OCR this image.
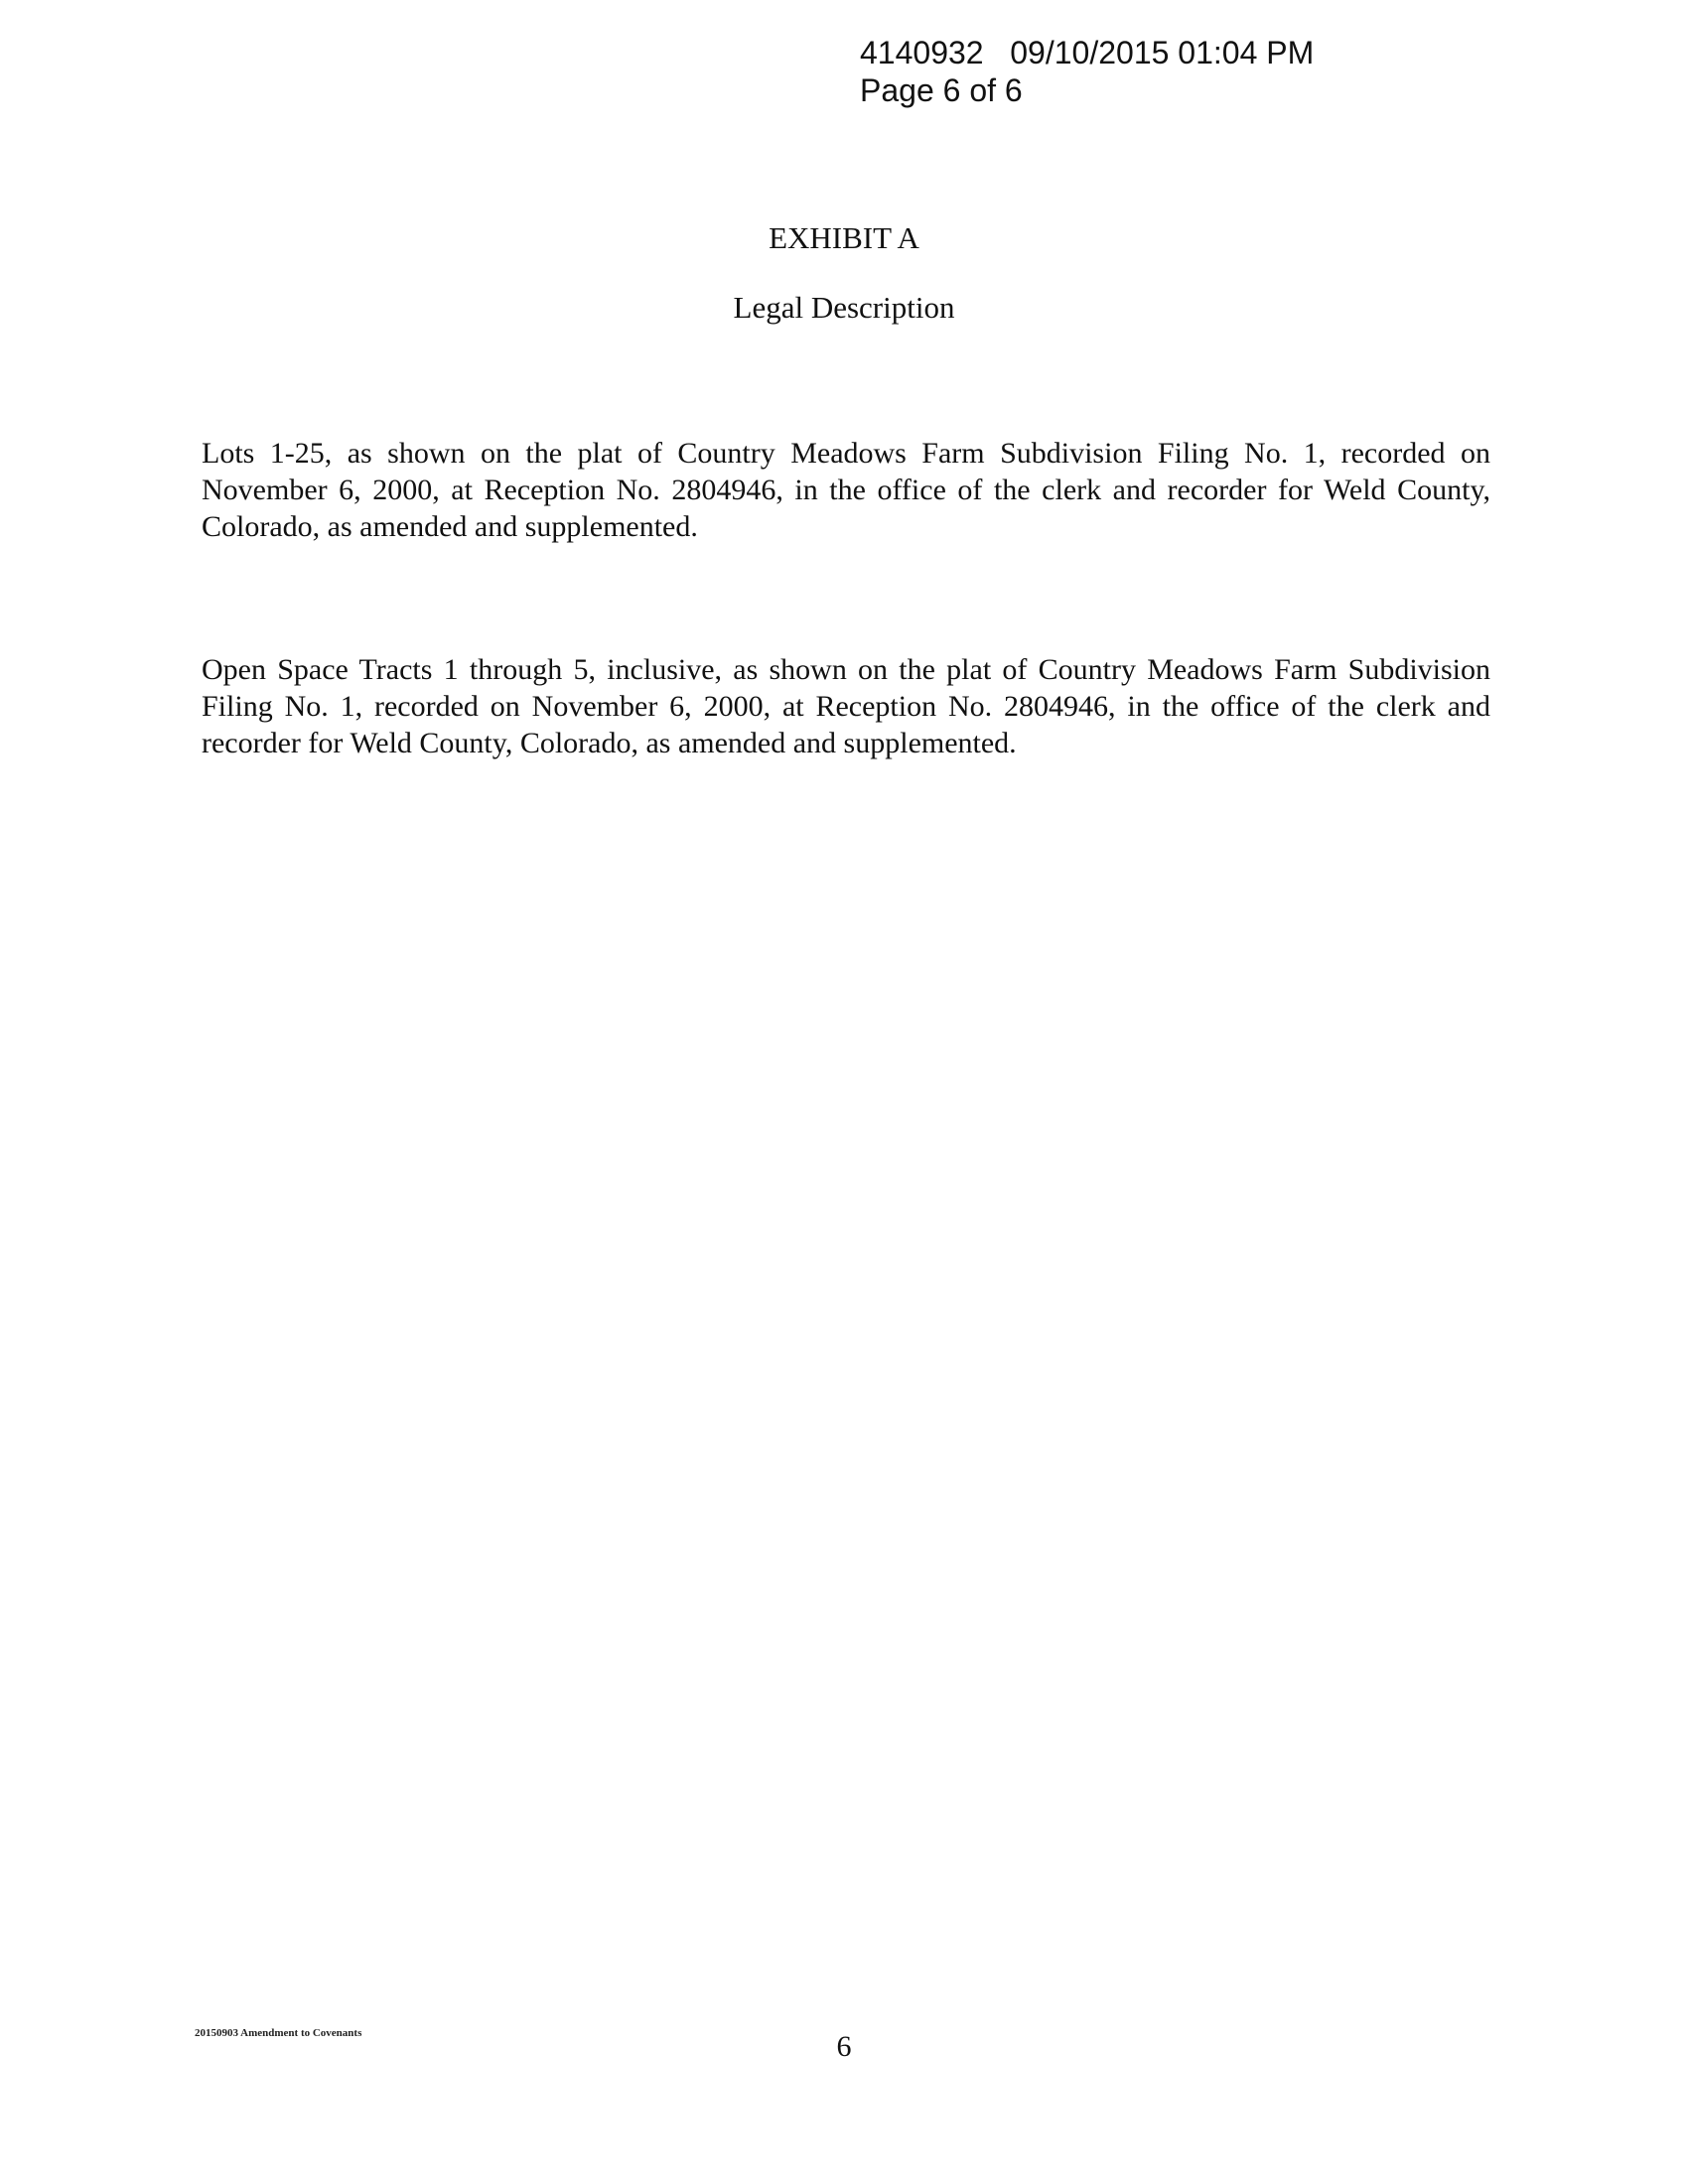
4140932   09/10/2015 01:04 PM
Page 6 of 6
EXHIBIT A
Legal Description

Lots 1-25, as shown on the plat of Country Meadows Farm Subdivision Filing No. 1, recorded on November 6, 2000, at Reception No. 2804946, in the office of the clerk and recorder for Weld County, Colorado, as amended and supplemented.

Open Space Tracts 1 through 5, inclusive, as shown on the plat of Country Meadows Farm Subdivision Filing No. 1, recorded on November 6, 2000, at Reception No. 2804946, in the office of the clerk and recorder for Weld County, Colorado, as amended and supplemented.

20150903 Amendment to Covenants	6
